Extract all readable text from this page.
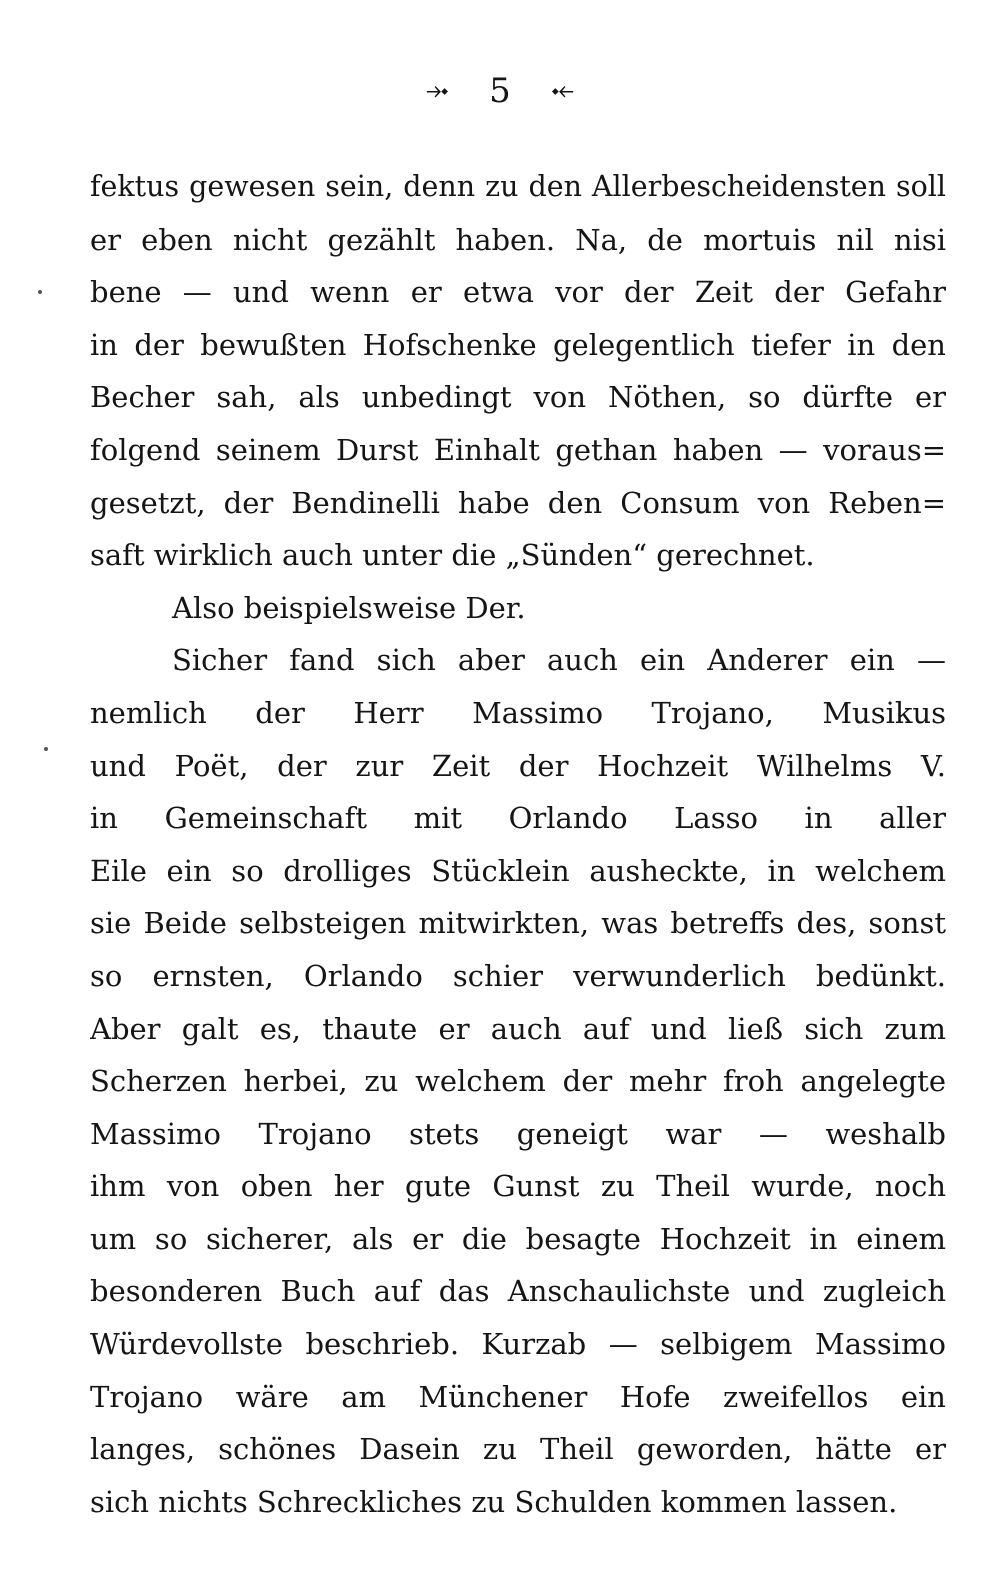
⤞ 5 ⤝
fektus gewesen sein, denn zu den Allerbescheidensten soll
er eben nicht gezählt haben. Na, de mortuis nil nisi
bene — und wenn er etwa vor der Zeit der Gefahr
in der bewußten Hofschenke gelegentlich tiefer in den
Becher sah, als unbedingt von Nöthen, so dürfte er
folgend seinem Durst Einhalt gethan haben — voraus=
gesetzt, der Bendinelli habe den Consum von Reben=
saft wirklich auch unter die „Sünden“ gerechnet.
Also beispielsweise Der.
Sicher fand sich aber auch ein Anderer ein —
nemlich der Herr Massimo Trojano, Musikus
und Poët, der zur Zeit der Hochzeit Wilhelms V.
in Gemeinschaft mit Orlando Lasso in aller
Eile ein so drolliges Stücklein ausheckte, in welchem
sie Beide selbsteigen mitwirkten, was betreffs des, sonst
so ernsten, Orlando schier verwunderlich bedünkt.
Aber galt es, thaute er auch auf und ließ sich zum
Scherzen herbei, zu welchem der mehr froh angelegte
Massimo Trojano stets geneigt war — weshalb
ihm von oben her gute Gunst zu Theil wurde, noch
um so sicherer, als er die besagte Hochzeit in einem
besonderen Buch auf das Anschaulichste und zugleich
Würdevollste beschrieb. Kurzab — selbigem Massimo
Trojano wäre am Münchener Hofe zweifellos ein
langes, schönes Dasein zu Theil geworden, hätte er
sich nichts Schreckliches zu Schulden kommen lassen.
